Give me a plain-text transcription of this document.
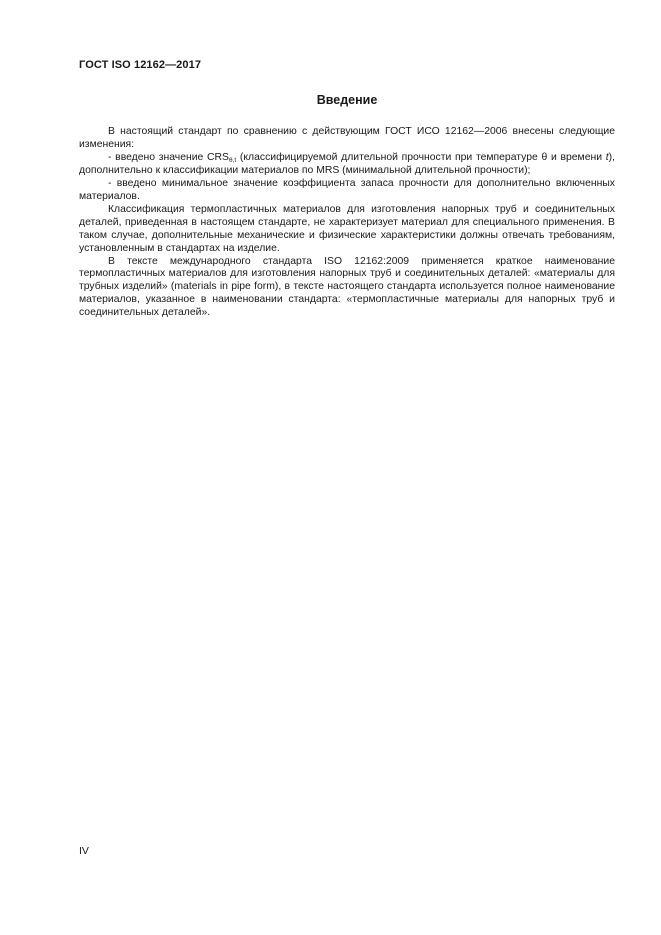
ГОСТ ISO 12162—2017
Введение

В настоящий стандарт по сравнению с действующим ГОСТ ИСО 12162—2006 внесены следующие изменения:

- введено значение $CRS_{\theta,t}$ (классифицируемой длительной прочности при температуре θ и времени t), дополнительно к классификации материалов по MRS (минимальной длительной прочности);

- введено минимальное значение коэффициента запаса прочности для дополнительно включенных материалов.

Классификация термопластичных материалов для изготовления напорных труб и соединительных деталей, приведенная в настоящем стандарте, не характеризует материал для специального применения. В таком случае, дополнительные механические и физические характеристики должны отвечать требованиям, установленным в стандартах на изделие.

В тексте международного стандарта ISO 12162:2009 применяется краткое наименование термопластичных материалов для изготовления напорных труб и соединительных деталей: «материалы для трубных изделий» (materials in pipe form), в тексте настоящего стандарта используется полное наименование материалов, указанное в наименовании стандарта: «термопластичные материалы для напорных труб и соединительных деталей».

IV
